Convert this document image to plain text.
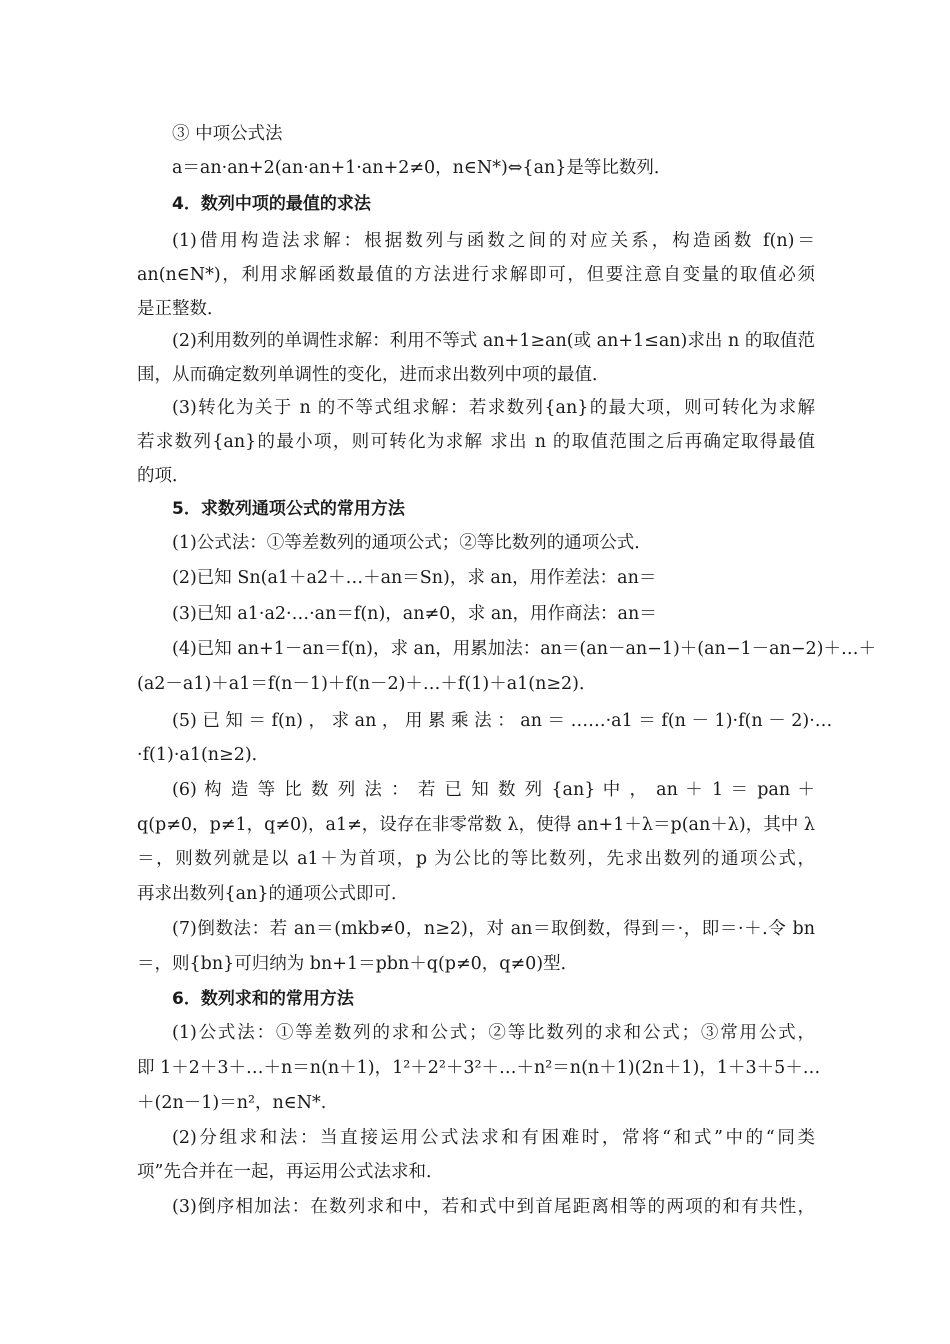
③ 中项公式法
a＝an·an+2(an·an+1·an+2≠0，n∈N*)⇔{an}是等比数列．
4．数列中项的最值的求法
(1)借用构造法求解：根据数列与函数之间的对应关系，构造函数 f(n)＝
an(n∈N*)，利用求解函数最值的方法进行求解即可，但要注意自变量的取值必须
是正整数．
(2)利用数列的单调性求解：利用不等式 an+1≥an(或 an+1≤an)求出 n 的取值范
围，从而确定数列单调性的变化，进而求出数列中项的最值．
(3)转化为关于 n 的不等式组求解：若求数列{an}的最大项，则可转化为求解
若求数列{an}的最小项，则可转化为求解 求出 n 的取值范围之后再确定取得最值
的项．
5．求数列通项公式的常用方法
(1)公式法：①等差数列的通项公式；②等比数列的通项公式．
(2)已知 Sn(a1＋a2＋…＋an＝Sn)，求 an，用作差法：an＝
(3)已知 a1·a2·…·an＝f(n)，an≠0，求 an，用作商法：an＝
(4)已知 an+1－an＝f(n)，求 an，用累加法：an＝(an－an−1)＋(an−1－an−2)＋…＋
(a2－a1)＋a1＝f(n－1)＋f(n－2)＋…＋f(1)＋a1(n≥2)．
(5) 已 知 ＝ f(n) ， 求 an ， 用 累 乘 法 ： an ＝ ……·a1 ＝ f(n － 1)·f(n － 2)·…
·f(1)·a1(n≥2)．
(6) 构 造 等 比 数 列 法 ： 若 已 知 数 列 {an} 中 ， an ＋ 1 ＝ pan ＋
q(p≠0，p≠1，q≠0)，a1≠，设存在非零常数 λ，使得 an+1＋λ＝p(an＋λ)，其中 λ
＝，则数列就是以 a1＋为首项，p 为公比的等比数列，先求出数列的通项公式，
再求出数列{an}的通项公式即可．
(7)倒数法：若 an＝(mkb≠0，n≥2)，对 an＝取倒数，得到＝·，即＝·＋.令 bn
＝，则{bn}可归纳为 bn+1＝pbn＋q(p≠0，q≠0)型．
6．数列求和的常用方法
(1)公式法：①等差数列的求和公式；②等比数列的求和公式；③常用公式，
即 1＋2＋3＋…＋n＝n(n＋1)，1²＋2²＋3²＋…＋n²＝n(n＋1)(2n＋1)，1＋3＋5＋…
＋(2n－1)＝n²，n∈N*.
(2)分组求和法：当直接运用公式法求和有困难时，常将“和式”中的“同类
项”先合并在一起，再运用公式法求和．
(3)倒序相加法：在数列求和中，若和式中到首尾距离相等的两项的和有共性，
